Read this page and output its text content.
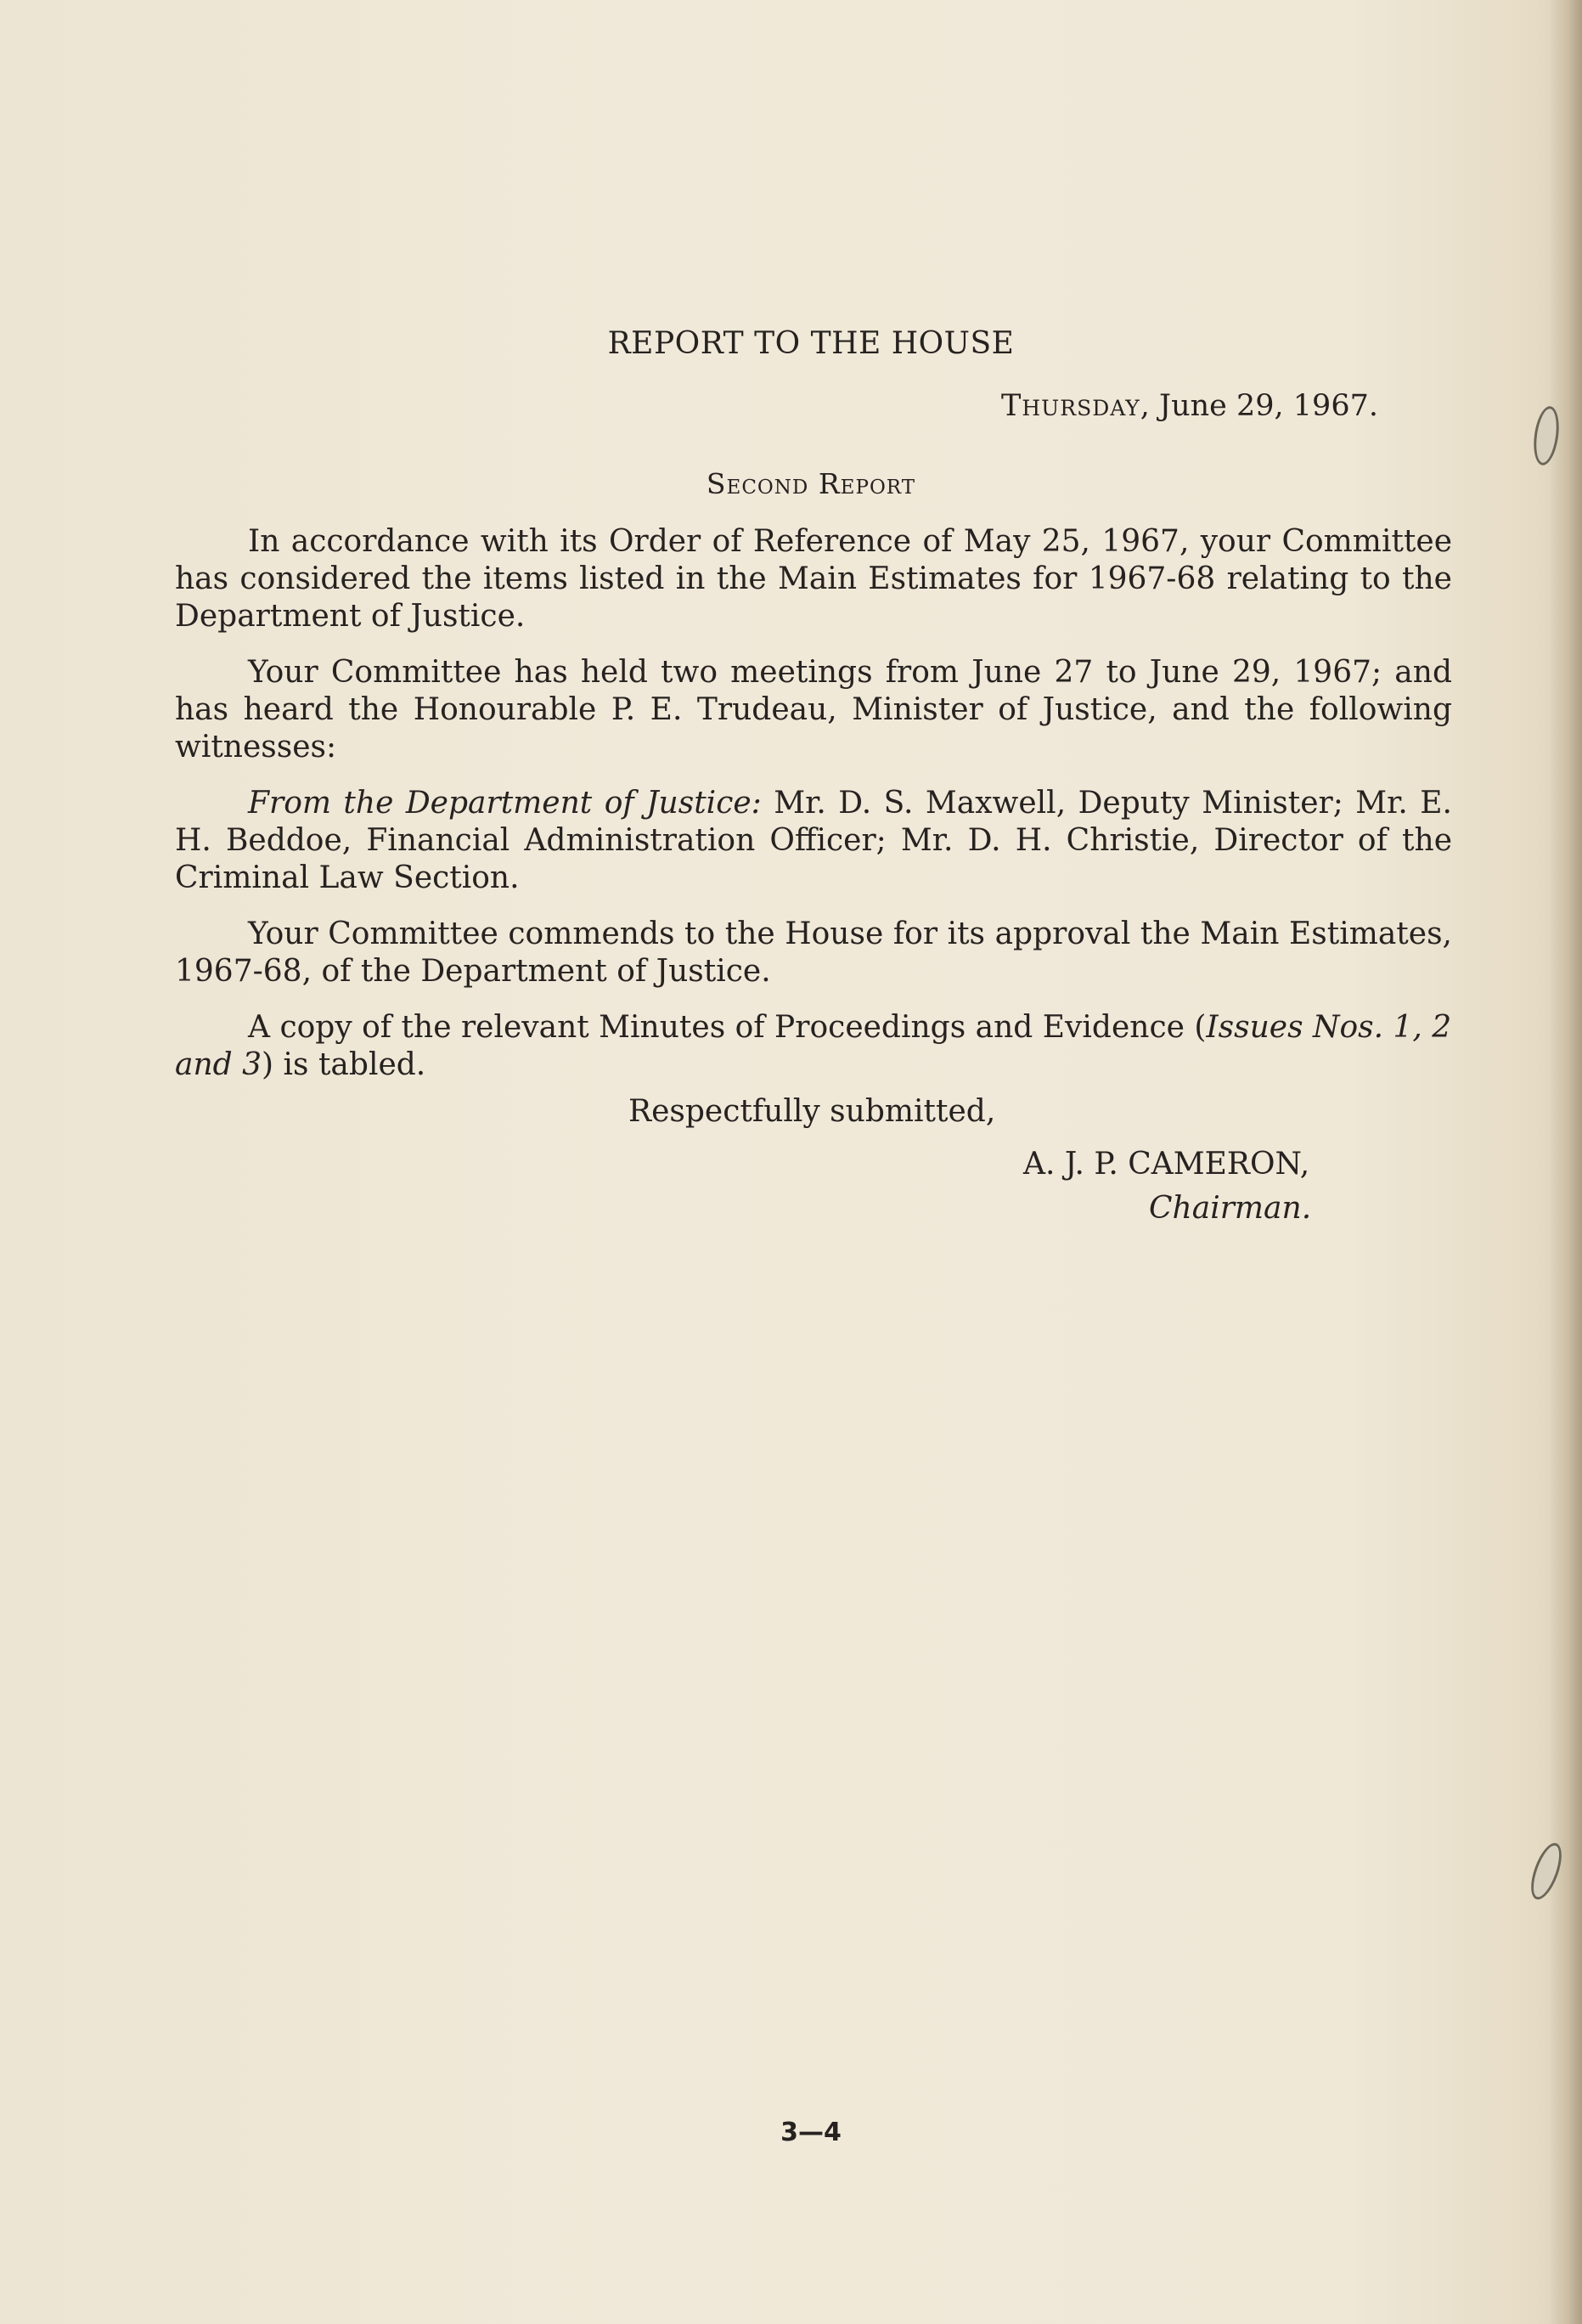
REPORT TO THE HOUSE
Thursday, June 29, 1967.
Second Report

In accordance with its Order of Reference of May 25, 1967, your Committee has considered the items listed in the Main Estimates for 1967-68 relating to the Department of Justice.

Your Committee has held two meetings from June 27 to June 29, 1967; and has heard the Honourable P. E. Trudeau, Minister of Justice, and the following witnesses:

From the Department of Justice: Mr. D. S. Maxwell, Deputy Minister; Mr. E. H. Beddoe, Financial Administration Officer; Mr. D. H. Christie, Director of the Criminal Law Section.

Your Committee commends to the House for its approval the Main Estimates, 1967-68, of the Department of Justice.

A copy of the relevant Minutes of Proceedings and Evidence (Issues Nos. 1, 2 and 3) is tabled.

Respectfully submitted,
A. J. P. CAMERON,
Chairman.
3—4
